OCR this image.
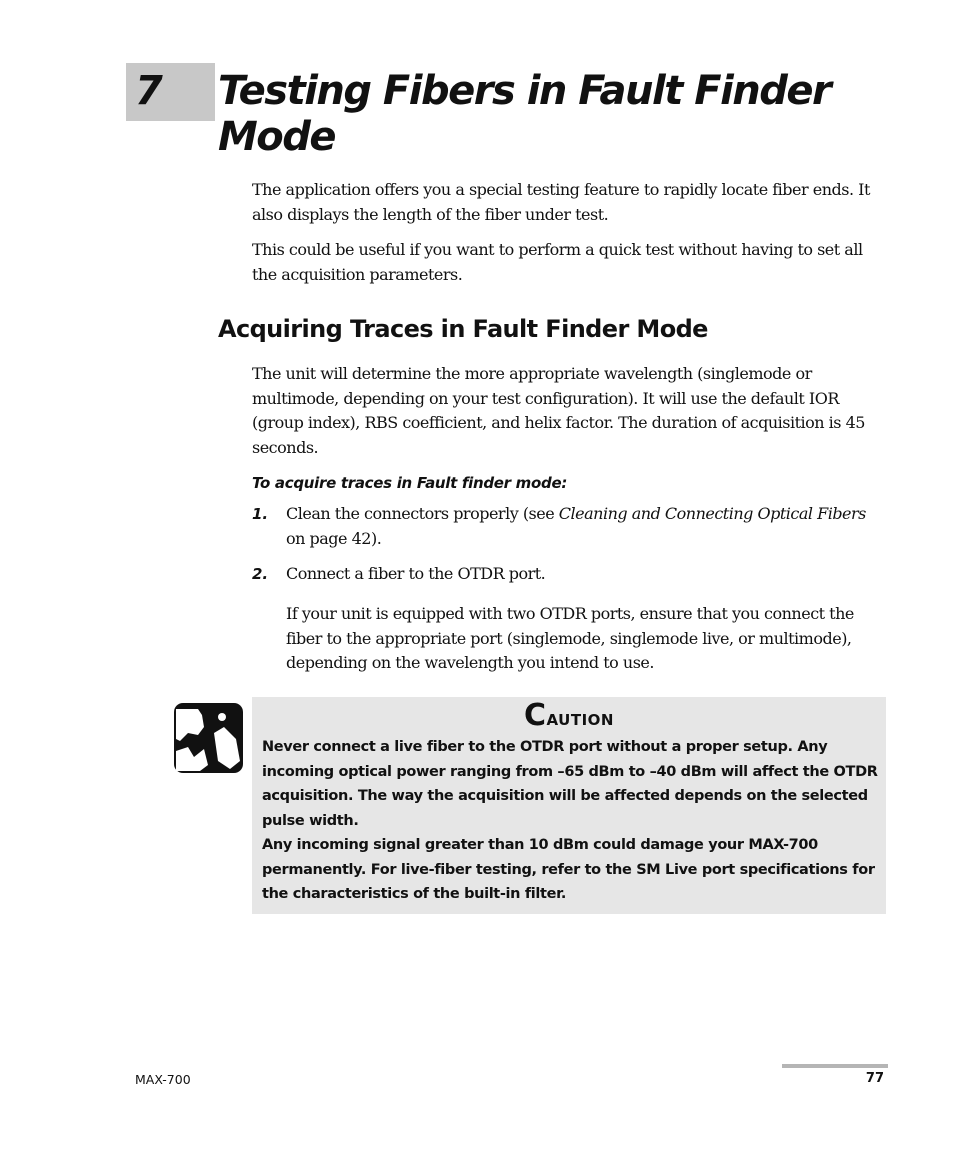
7 Testing Fibers in Fault Finder Mode

The application offers you a special testing feature to rapidly locate fiber ends. It also displays the length of the fiber under test.

This could be useful if you want to perform a quick test without having to set all the acquisition parameters.

Acquiring Traces in Fault Finder Mode

The unit will determine the more appropriate wavelength (singlemode or multimode, depending on your test configuration). It will use the default IOR (group index), RBS coefficient, and helix factor. The duration of acquisition is 45 seconds.

To acquire traces in Fault finder mode:
1. Clean the connectors properly (see Cleaning and Connecting Optical Fibers on page 42).

2. Connect a fiber to the OTDR port.

If your unit is equipped with two OTDR ports, ensure that you connect the fiber to the appropriate port (singlemode, singlemode live, or multimode), depending on the wavelength you intend to use.

Caution

Never connect a live fiber to the OTDR port without a proper setup. Any incoming optical power ranging from –65 dBm to –40 dBm will affect the OTDR acquisition. The way the acquisition will be affected depends on the selected pulse width.

Any incoming signal greater than 10 dBm could damage your MAX-700 permanently. For live-fiber testing, refer to the SM Live port specifications for the characteristics of the built-in filter.

MAX-700	77
